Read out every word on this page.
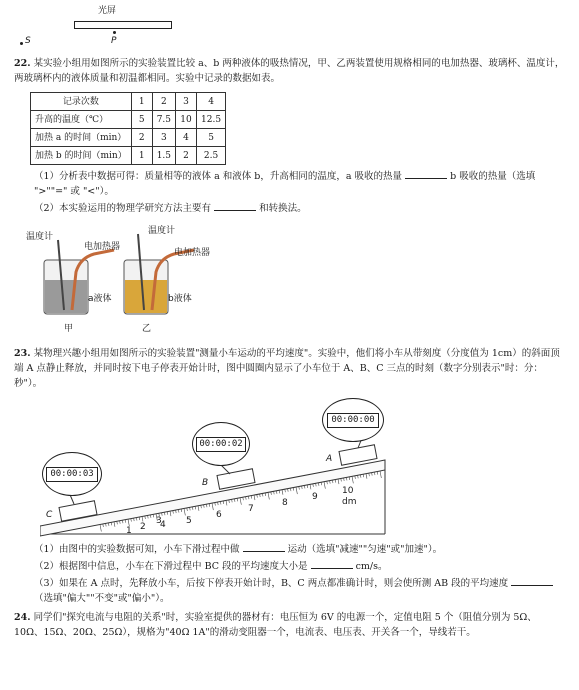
光屏
P
S

22. 某实验小组用如图所示的实验装置比较 a、b 两种液体的吸热情况，甲、乙两装置使用规格相同的电加热器、玻璃杯、温度计，两玻璃杯内的液体质量和初温都相同。实验中记录的数据如表。

记录次数	1	2	3	4
升高的温度（℃）	5	7.5	10	12.5
加热 a 的时间（min）	2	3	4	5
加热 b 的时间（min）	1	1.5	2	2.5

（1）分析表中数据可得：质量相等的液体 a 和液体 b，升高相同的温度，a 吸收的热量	b 吸收的热量（选填 ">""=" 或 "<"）。

（2）本实验运用的物理学研究方法主要有	和转换法。

温度计
电加热器
温度计
电加热器
a液体	b液体
甲	乙

23. 某物理兴趣小组用如图所示的实验装置"测量小车运动的平均速度"。实验中，他们将小车从带刻度（分度值为 1cm）的斜面顶端 A 点静止释放，并同时按下电子停表开始计时，图中圆圈内显示了小车位于 A、B、C 三点的时刻（数字分别表示"时：分：秒"）。

00:00:00
00:00:02
00:00:03
A
B
C
1 2
3
4 5
6
7
8
9
10
dm

（1）由图中的实验数据可知，小车下滑过程中做	运动（选填"减速""匀速"或"加速"）。

（2）根据图中信息，小车在下滑过程中 BC 段的平均速度大小是	cm/s。

（3）如果在 A 点时，先释放小车，后按下停表开始计时，B、C 两点都准确计时，则会使所测 AB 段的平均速度  （选填"偏大""不变"或"偏小"）。

24. 同学们"探究电流与电阻的关系"时，实验室提供的器材有：电压恒为 6V 的电源一个，定值电阻 5 个（阻值分别为 5Ω、10Ω、15Ω、20Ω、25Ω），规格为"40Ω 1A"的滑动变阻器一个，电流表、电压表、开关各一个，导线若干。
